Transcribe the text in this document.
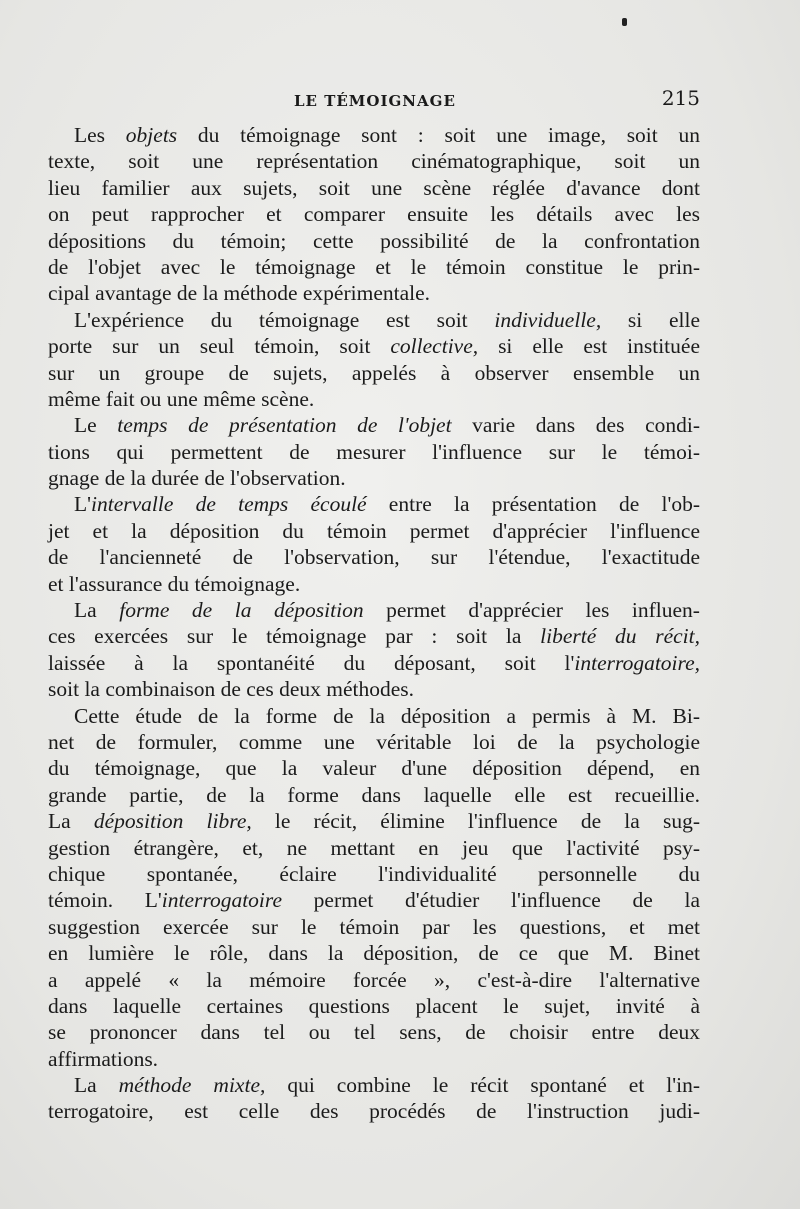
LE TÉMOIGNAGE	215
Les objets du témoignage sont : soit une image, soit un
texte, soit une représentation cinématographique, soit un
lieu familier aux sujets, soit une scène réglée d'avance dont
on peut rapprocher et comparer ensuite les détails avec les
dépositions du témoin; cette possibilité de la confrontation
de l'objet avec le témoignage et le témoin constitue le prin-
cipal avantage de la méthode expérimentale.
L'expérience du témoignage est soit individuelle, si elle
porte sur un seul témoin, soit collective, si elle est instituée
sur un groupe de sujets, appelés à observer ensemble un
même fait ou une même scène.
Le temps de présentation de l'objet varie dans des condi-
tions qui permettent de mesurer l'influence sur le témoi-
gnage de la durée de l'observation.
L'intervalle de temps écoulé entre la présentation de l'ob-
jet et la déposition du témoin permet d'apprécier l'influence
de l'ancienneté de l'observation, sur l'étendue, l'exactitude
et l'assurance du témoignage.
La forme de la déposition permet d'apprécier les influen-
ces exercées sur le témoignage par : soit la liberté du récit,
laissée à la spontanéité du déposant, soit l'interrogatoire,
soit la combinaison de ces deux méthodes.
Cette étude de la forme de la déposition a permis à M. Bi-
net de formuler, comme une véritable loi de la psychologie
du témoignage, que la valeur d'une déposition dépend, en
grande partie, de la forme dans laquelle elle est recueillie.
La déposition libre, le récit, élimine l'influence de la sug-
gestion étrangère, et, ne mettant en jeu que l'activité psy-
chique spontanée, éclaire l'individualité personnelle du
témoin. L'interrogatoire permet d'étudier l'influence de la
suggestion exercée sur le témoin par les questions, et met
en lumière le rôle, dans la déposition, de ce que M. Binet
a appelé « la mémoire forcée », c'est-à-dire l'alternative
dans laquelle certaines questions placent le sujet, invité à
se prononcer dans tel ou tel sens, de choisir entre deux
affirmations.
La méthode mixte, qui combine le récit spontané et l'in-
terrogatoire, est celle des procédés de l'instruction judi-
